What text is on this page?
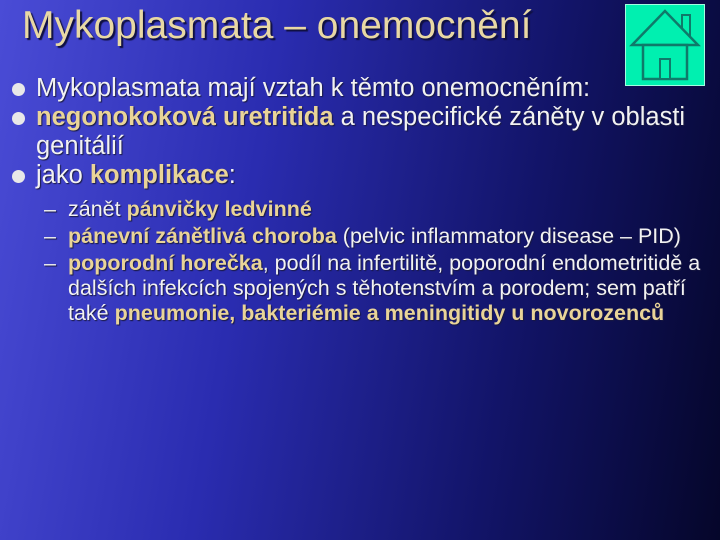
Mykoplasmata – onemocnění
Mykoplasmata mají vztah k těmto onemocněním:
negonokoková uretritida a nespecifické záněty v oblasti genitálií
jako komplikace:
– zánět pánvičky ledvinné
– pánevní zánětlivá choroba (pelvic inflammatory disease – PID)
– poporodní horečka, podíl na infertilitě, poporodní endometritidě a dalších infekcích spojených s těhotenstvím a porodem; sem patří také pneumonie, bakteriémie a meningitidy u novorozenců
